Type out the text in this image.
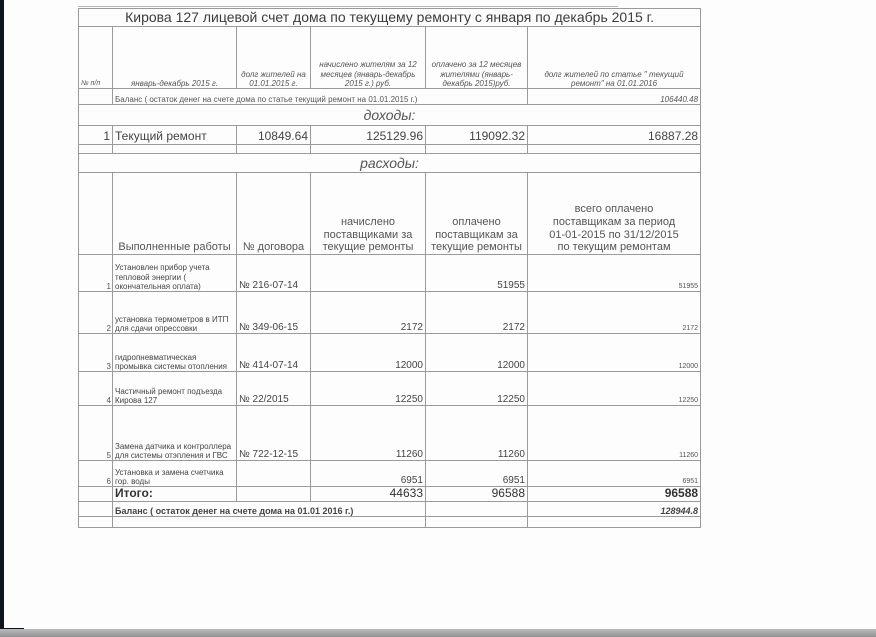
Кирова 127 лицевой счет дома по текущему ремонту с января по декабрь 2015 г.					
№ п/п	январь-декабрь 2015 г.	долг жителей на 01.01.2015 г.	начислено жителям за 12 месяцев (январь-декабрь 2015 г.) руб.	оплачено за 12 месяцев жителями (январь-декабрь 2015)руб.	долг жителей по статье " текущий ремонт" на 01.01.2016
	Баланс ( остаток денег на счете дома по статье текущий ремонт на 01.01.2015 г.)				106440.48
доходы:					
1	Текущий ремонт	10849.64	125129.96	119092.32	16887.28

расходы:					
	Выполненные работы	№ договора	начислено поставщиками за текущие ремонты	оплачено поставщикам за текущие ремонты	всего оплачено
поставщикам за период
01-01-2015 по 31/12/2015
по текущим ремонтам

1	Установлен прибор учета тепловой энергии ( окончательная оплата)	№ 216-07-14		51955	51955
2	установка термометров в ИТП для сдачи опрессовки	№ 349-06-15	2172	2172	2172
3	гидропневматическая промывка системы отопления	№ 414-07-14	12000	12000	12000
4	Частичный ремонт подъезда Кирова 127	№ 22/2015	12250	12250	12250
5	Замена датчика и контроллера для системы отэпления и ГВС	№ 722-12-15	11260	11260	11260
6	Установка и замена счетчика гор. воды		6951	6951	6951
	Итого:		44633	96588	96588
	Баланс ( остаток денег на счете дома на 01.01 2016 г.)				128944.8
